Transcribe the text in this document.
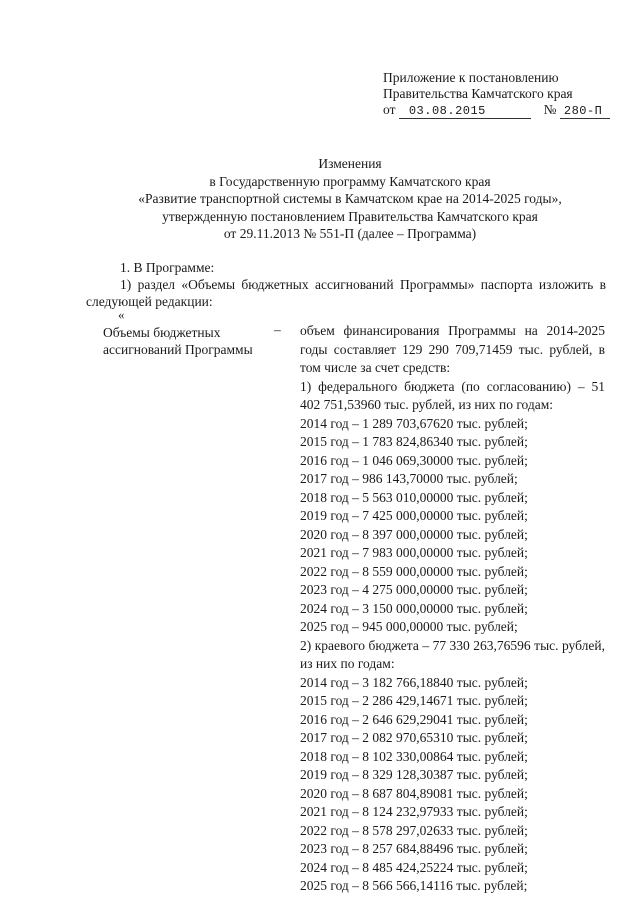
Приложение к постановлению
Правительства Камчатского края
от 03.08.2015	№ 280-П
Изменения
в Государственную программу Камчатского края
«Развитие транспортной системы в Камчатском крае на 2014-2025 годы»,
утвержденную постановлением Правительства Камчатского края
от 29.11.2013 № 551-П (далее – Программа)

1. В Программе:

1) раздел «Объемы бюджетных ассигнований Программы» паспорта изложить в следующей редакции:

«
Объемы бюджетных ассигнований Программы
– объем финансирования Программы на 2014-2025 годы составляет 129 290 709,71459 тыс. рублей, в том числе за счет средств:
1) федерального бюджета (по согласованию) – 51 402 751,53960 тыс. рублей, из них по годам:
2014 год – 1 289 703,67620 тыс. рублей;
2015 год – 1 783 824,86340 тыс. рублей;
2016 год – 1 046 069,30000 тыс. рублей;
2017 год – 986 143,70000 тыс. рублей;
2018 год – 5 563 010,00000 тыс. рублей;
2019 год – 7 425 000,00000 тыс. рублей;
2020 год – 8 397 000,00000 тыс. рублей;
2021 год – 7 983 000,00000 тыс. рублей;
2022 год – 8 559 000,00000 тыс. рублей;
2023 год – 4 275 000,00000 тыс. рублей;
2024 год – 3 150 000,00000 тыс. рублей;
2025 год – 945 000,00000 тыс. рублей;
2) краевого бюджета – 77 330 263,76596 тыс. рублей, из них по годам:
2014 год – 3 182 766,18840 тыс. рублей;
2015 год – 2 286 429,14671 тыс. рублей;
2016 год – 2 646 629,29041 тыс. рублей;
2017 год – 2 082 970,65310 тыс. рублей;
2018 год – 8 102 330,00864 тыс. рублей;
2019 год – 8 329 128,30387 тыс. рублей;
2020 год – 8 687 804,89081 тыс. рублей;
2021 год – 8 124 232,97933 тыс. рублей;
2022 год – 8 578 297,02633 тыс. рублей;
2023 год – 8 257 684,88496 тыс. рублей;
2024 год – 8 485 424,25224 тыс. рублей;
2025 год – 8 566 566,14116 тыс. рублей;
